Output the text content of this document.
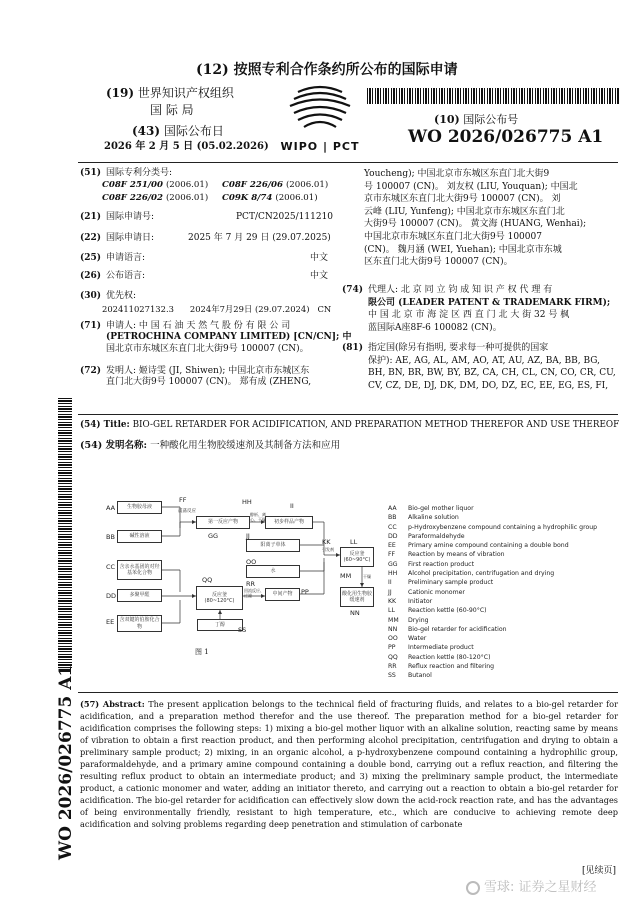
(12) 按照专利合作条约所公布的国际申请
(19) 世界知识产权组织
国 际 局
(43) 国际公布日
2026 年 2 月 5 日 (05.02.2026)	WIPO | PCT
(10) 国际公布号
WO 2026/026775 A1
(51) 国际专利分类号:
C08F 251/00 (2006.01)	C08F 226/06 (2006.01)
C08F 226/02 (2006.01)	C09K 8/74 (2006.01)
(21) 国际申请号:	PCT/CN2025/111210
(22) 国际申请日:	2025 年 7 月 29 日 (29.07.2025)
(25) 申请语言:	中文
(26) 公布语言:	中文
(30) 优先权:
202411027132.3      2024年7月29日 (29.07.2024)   CN
(71) 申请人: 中 国 石 油 天 然 气 股 份 有 限 公 司
(PETROCHINA COMPANY LIMITED) [CN/CN]; 中
国北京市东城区东直门北大街9号 100007 (CN)。
(72) 发明人: 姬诗雯 (JI, Shiwen); 中国北京市东城区东
直门北大街9号 100007 (CN)。 郑有成 (ZHENG,
Youcheng); 中国北京市东城区东直门北大街9
号 100007 (CN)。 刘友权 (LIU, Youquan); 中国北
京市东城区东直门北大街9号 100007 (CN)。 刘
云峰 (LIU, Yunfeng); 中国北京市东城区东直门北
大街9号 100007 (CN)。 黄文海 (HUANG, Wenhai);
中国北京市东城区东直门北大街9号 100007
(CN)。 魏月涵 (WEI, Yuehan); 中国北京市东城
区东直门北大街9号 100007 (CN)。
(74) 代理人: 北 京 同 立 钧 成 知 识 产 权 代 理 有
限公司 (LEADER PATENT & TRADEMARK FIRM);
中 国 北 京 市 海 淀 区 西 直 门 北 大 街 32 号 枫
蓝国际A座8F-6 100082 (CN)。
(81) 指定国(除另有指明, 要求每一种可提供的国家
保护): AE, AG, AL, AM, AO, AT, AU, AZ, BA, BB, BG,
BH, BN, BR, BW, BY, BZ, CA, CH, CL, CN, CO, CR, CU,
CV, CZ, DE, DJ, DK, DM, DO, DZ, EC, EE, EG, ES, FI,
(54) Title: BIO-GEL RETARDER FOR ACIDIFICATION, AND PREPARATION METHOD THEREFOR AND USE THEREOF
(54) 发明名称: 一种酸化用生物胶缓速剂及其制备方法和应用
WO 2026/026775 A1
生物胶母液
碱性溶液
含亲水基团的对羟基苯化合物
多聚甲醛
含双键的伯胺化合物
第一反应产物	初步样品产物
阳离子单体
水
反应釜 (60~90°C)
酸化用生物胶缓速剂
反应釜 (80~120°C)
中间产物
丁醇
震荡反应
醇析、离心、干燥
引发剂
干燥
回流反应、过滤
AA
BB
CC
DD
EE
FF
GG
HH	II
JJ
KK	LL
MM
NN
OO
PP
QQ	RR
SS
图 1
AA	Bio-gel mother liquor
BB	Alkaline solution
CC	p-Hydroxybenzene compound containing a hydrophilic group
DD	Paraformaldehyde
EE	Primary amine compound containing a double bond
FF	Reaction by means of vibration
GG	First reaction product
HH	Alcohol precipitation, centrifugation and drying
II	Preliminary sample product
JJ	Cationic monomer
KK	Initiator
LL	Reaction kettle (60-90°C)
MM	Drying
NN	Bio-gel retarder for acidification
OO	Water
PP	Intermediate product
QQ	Reaction kettle (80-120°C)
RR	Reflux reaction and filtering
SS	Butanol
(57) Abstract: The present application belongs to the technical field of fracturing fluids, and relates to a bio-gel retarder for acidification, and a preparation method therefor and the use thereof. The preparation method for a bio-gel retarder for acidification comprises the following steps: 1) mixing a bio-gel mother liquor with an alkaline solution, reacting same by means of vibration to obtain a first reaction product, and then performing alcohol precipitation, centrifugation and drying to obtain a preliminary sample product; 2) mixing, in an organic alcohol, a p-hydroxybenzene compound containing a hydrophilic group, paraformaldehyde, and a primary amine compound containing a double bond, carrying out a reflux reaction, and filtering the resulting reflux product to obtain an intermediate product; and 3) mixing the preliminary sample product, the intermediate product, a cationic monomer and water, adding an initiator thereto, and carrying out a reaction to obtain a bio-gel retarder for acidification. The bio-gel retarder for acidification can effectively slow down the acid-rock reaction rate, and has the advantages of being environmentally friendly, resistant to high temperature, etc., which are conducive to achieving remote deep acidification and solving problems regarding deep penetration and stimulation of carbonate
[见续页]
雪球: 证券之星财经
